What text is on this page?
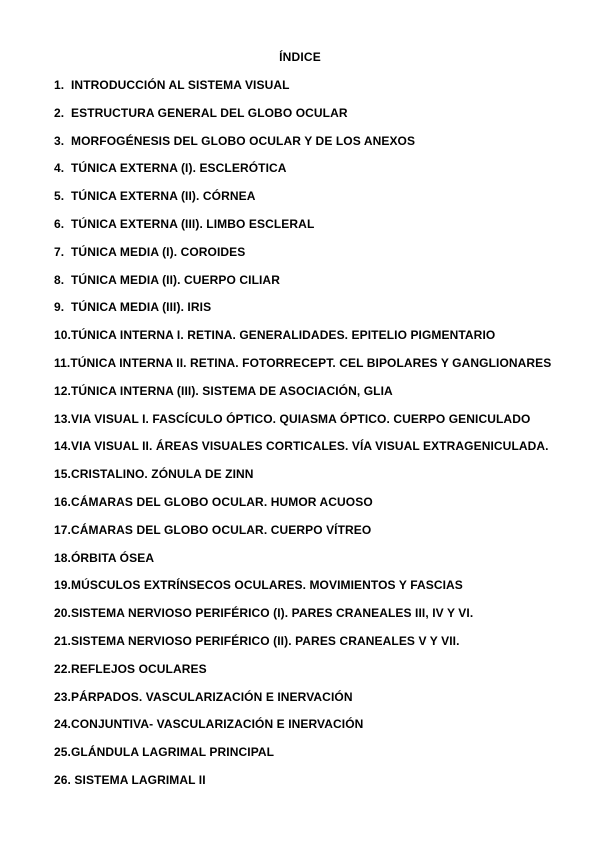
ÍNDICE
1. INTRODUCCIÓN AL SISTEMA VISUAL
2. ESTRUCTURA GENERAL DEL GLOBO OCULAR
3. MORFOGÉNESIS DEL GLOBO OCULAR Y DE LOS ANEXOS
4. TÚNICA EXTERNA (I). ESCLERÓTICA
5. TÚNICA EXTERNA (II). CÓRNEA
6. TÚNICA EXTERNA (III). LIMBO ESCLERAL
7. TÚNICA MEDIA (I). COROIDES
8. TÚNICA MEDIA (II). CUERPO CILIAR
9. TÚNICA MEDIA (III). IRIS
10.TÚNICA INTERNA I. RETINA. GENERALIDADES. EPITELIO PIGMENTARIO
11.TÚNICA INTERNA II. RETINA. FOTORRECEPT. CEL BIPOLARES Y GANGLIONARES
12.TÚNICA INTERNA (III). SISTEMA DE ASOCIACIÓN, GLIA
13.VIA VISUAL I. FASCÍCULO ÓPTICO. QUIASMA ÓPTICO. CUERPO GENICULADO
14.VIA VISUAL II. ÁREAS VISUALES CORTICALES. VÍA VISUAL EXTRAGENICULADA.
15.CRISTALINO. ZÓNULA DE ZINN
16.CÁMARAS DEL GLOBO OCULAR. HUMOR ACUOSO
17.CÁMARAS DEL GLOBO OCULAR. CUERPO VÍTREO
18.ÓRBITA ÓSEA
19.MÚSCULOS EXTRÍNSECOS OCULARES. MOVIMIENTOS Y FASCIAS
20.SISTEMA NERVIOSO PERIFÉRICO (I). PARES CRANEALES III, IV Y VI.
21.SISTEMA NERVIOSO PERIFÉRICO (II). PARES CRANEALES V Y VII.
22.REFLEJOS OCULARES
23.PÁRPADOS. VASCULARIZACIÓN E INERVACIÓN
24.CONJUNTIVA- VASCULARIZACIÓN E INERVACIÓN
25.GLÁNDULA LAGRIMAL PRINCIPAL
26. SISTEMA LAGRIMAL II
